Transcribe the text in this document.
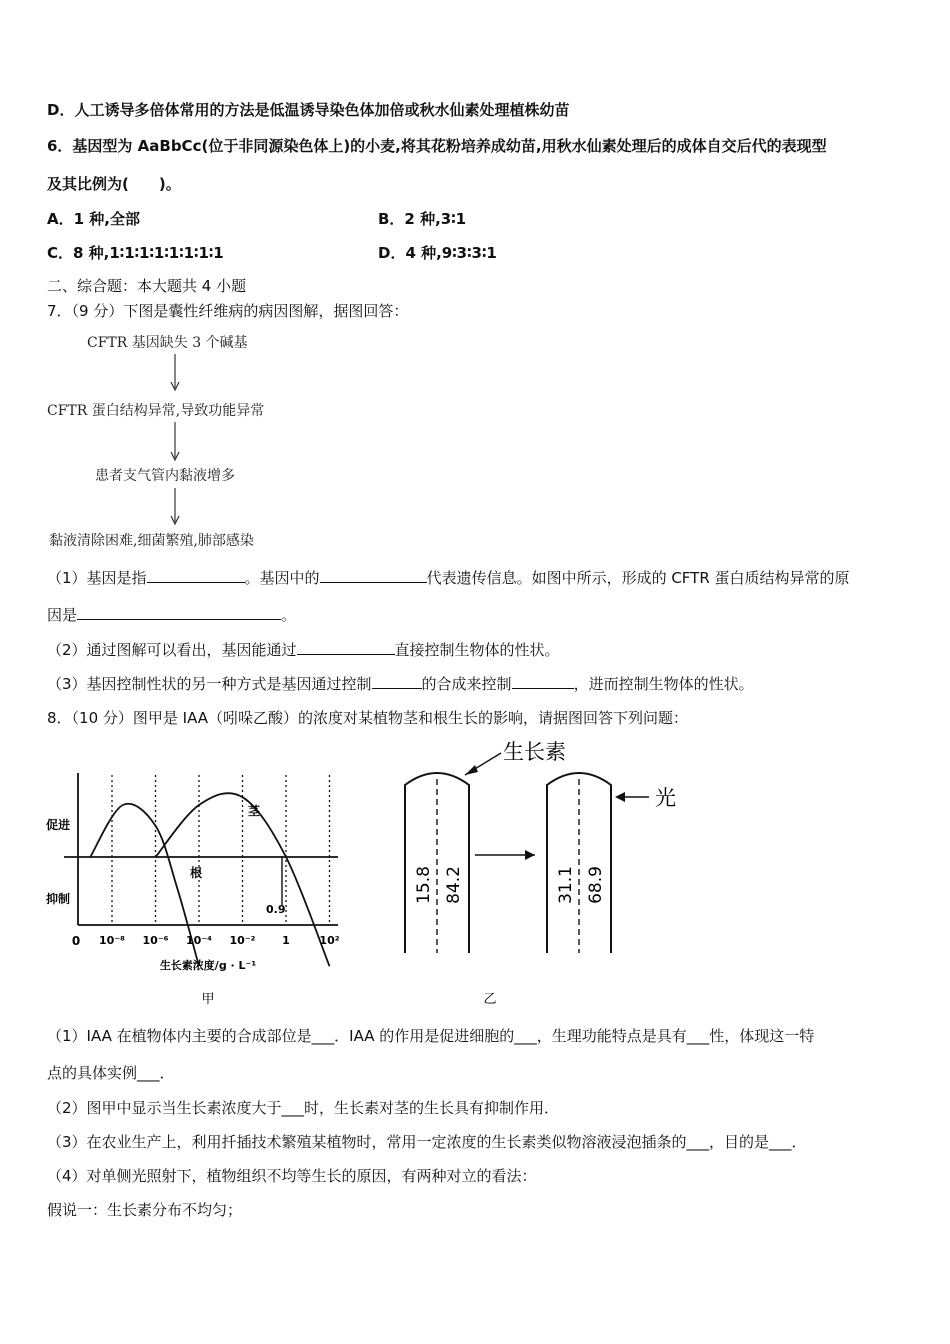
D．人工诱导多倍体常用的方法是低温诱导染色体加倍或秋水仙素处理植株幼苗
6．基因型为 AaBbCc(位于非同源染色体上)的小麦,将其花粉培养成幼苗,用秋水仙素处理后的成体自交后代的表现型
及其比例为(　　)。
A．1 种,全部	B．2 种,3∶1
C．8 种,1∶1∶1∶1∶1∶1∶1∶1	D．4 种,9∶3∶3∶1
二、综合题：本大题共 4 小题
7．（9 分）下图是囊性纤维病的病因图解，据图回答：
CFTR 基因缺失 3 个碱基
CFTR 蛋白结构异常,导致功能异常
患者支气管内黏液增多
黏液清除困难,细菌繁殖,肺部感染
（1）基因是指	。基因中的	代表遗传信息。如图中所示，形成的 CFTR 蛋白质结构异常的原
因是	。
（2）通过图解可以看出，基因能通过	直接控制生物体的性状。
（3）基因控制性状的另一种方式是基因通过控制	的合成来控制	，进而控制生物体的性状。
8．（10 分）图甲是 IAA（吲哚乙酸）的浓度对某植物茎和根生长的影响，请据图回答下列问题：
0.9
促进
抑制
0
茎
根
10⁻⁸ 10⁻⁶ 10⁻⁴ 10⁻² 1	10²
生长素浓度/g · L⁻¹
甲
15.8 84.2
生长素
31.1 68.9
光
乙
（1）IAA 在植物体内主要的合成部位是___．IAA 的作用是促进细胞的___，生理功能特点是具有___性，体现这一特
点的具体实例___．
（2）图甲中显示当生长素浓度大于___时，生长素对茎的生长具有抑制作用．
（3）在农业生产上，利用扦插技术繁殖某植物时，常用一定浓度的生长素类似物溶液浸泡插条的___，目的是___．
（4）对单侧光照射下，植物组织不均等生长的原因，有两种对立的看法：
假说一：生长素分布不均匀；
